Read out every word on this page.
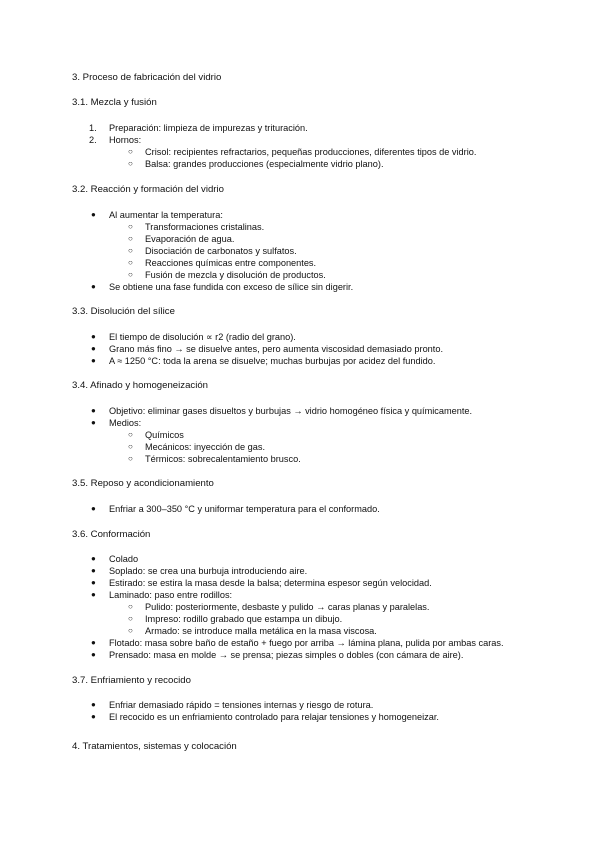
3. Proceso de fabricación del vidrio
3.1. Mezcla y fusión
1.	Preparación: limpieza de impurezas y trituración.
2.	Hornos:
○	Crisol: recipientes refractarios, pequeñas producciones, diferentes tipos de vidrio.
○	Balsa: grandes producciones (especialmente vidrio plano).
3.2. Reacción y formación del vidrio
● Al aumentar la temperatura:
○	Transformaciones cristalinas.
○	Evaporación de agua.
○	Disociación de carbonatos y sulfatos.
○	Reacciones químicas entre componentes.
○	Fusión de mezcla y disolución de productos.
● Se obtiene una fase fundida con exceso de sílice sin digerir.
3.3. Disolución del sílice
● El tiempo de disolución ∝ r2 (radio del grano).
● Grano más fino → se disuelve antes, pero aumenta viscosidad demasiado pronto.
● A ≈ 1250 °C: toda la arena se disuelve; muchas burbujas por acidez del fundido.
3.4. Afinado y homogeneización
● Objetivo: eliminar gases disueltos y burbujas → vidrio homogéneo física y químicamente.
● Medios:
○	Químicos
○	Mecánicos: inyección de gas.
○	Térmicos: sobrecalentamiento brusco.
3.5. Reposo y acondicionamiento
● Enfriar a 300–350 °C y uniformar temperatura para el conformado.
3.6. Conformación
● Colado
● Soplado: se crea una burbuja introduciendo aire.
● Estirado: se estira la masa desde la balsa; determina espesor según velocidad.
● Laminado: paso entre rodillos:
○	Pulido: posteriormente, desbaste y pulido → caras planas y paralelas.
○	Impreso: rodillo grabado que estampa un dibujo.
○	Armado: se introduce malla metálica en la masa viscosa.
● Flotado: masa sobre baño de estaño + fuego por arriba → lámina plana, pulida por ambas caras.
● Prensado: masa en molde → se prensa; piezas simples o dobles (con cámara de aire).
3.7. Enfriamiento y recocido
● Enfriar demasiado rápido = tensiones internas y riesgo de rotura.
● El recocido es un enfriamiento controlado para relajar tensiones y homogeneizar.
4. Tratamientos, sistemas y colocación
